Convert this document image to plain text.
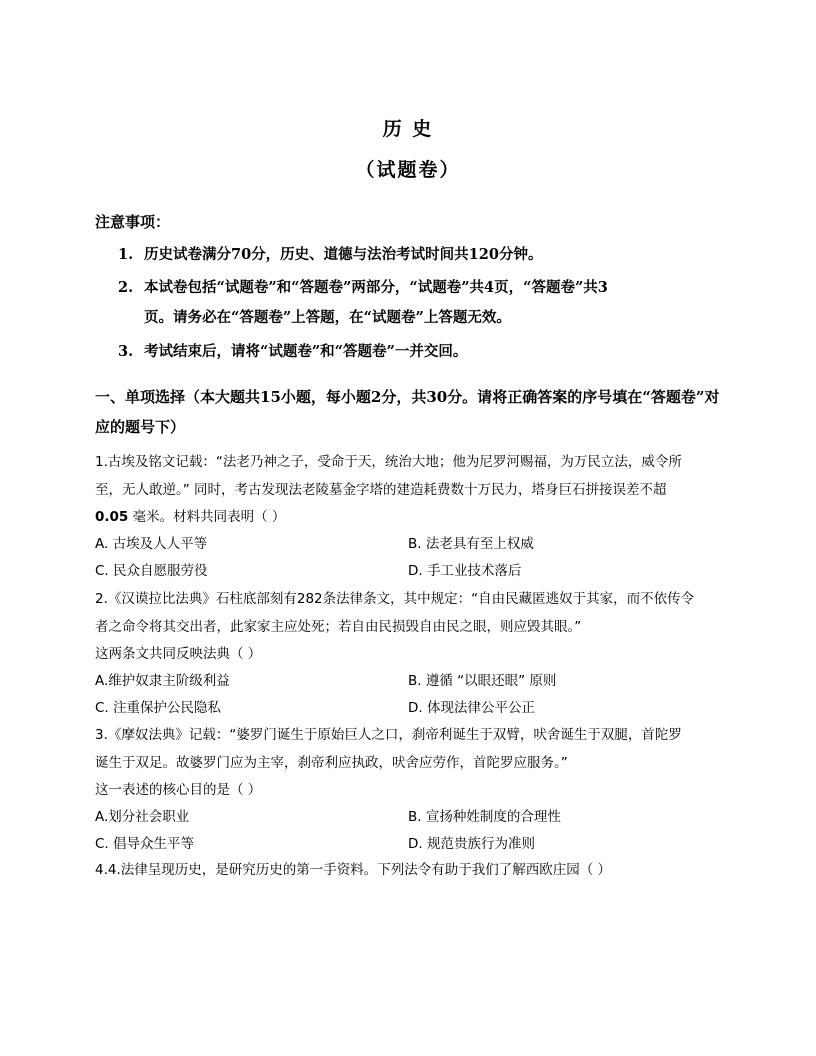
历 史
（试题卷）
注意事项：
1. 历史试卷满分70分，历史、道德与法治考试时间共120分钟。
2. 本试卷包括“试题卷”和“答题卷”两部分，“试题卷”共4页，“答题卷”共3
页。请务必在“答题卷”上答题，在“试题卷”上答题无效。
3. 考试结束后，请将“试题卷”和“答题卷”一并交回。
一、单项选择（本大题共15小题，每小题2分，共30分。请将正确答案的序号填在“答题卷”对应的题号下）
1.古埃及铭文记载：“法老乃神之子，受命于天，统治大地；他为尼罗河赐福，为万民立法，威令所
至，无人敢逆。” 同时，考古发现法老陵墓金字塔的建造耗费数十万民力，塔身巨石拼接误差不超
0.05 毫米。材料共同表明（ ）
A. 古埃及人人平等	B. 法老具有至上权威
C. 民众自愿服劳役	D. 手工业技术落后
2.《汉谟拉比法典》石柱底部刻有282条法律条文，其中规定：“自由民藏匿逃奴于其家，而不依传令
者之命令将其交出者，此家家主应处死；若自由民损毁自由民之眼，则应毁其眼。”
这两条文共同反映法典（ ）
A.维护奴隶主阶级利益	B. 遵循 “以眼还眼” 原则
C. 注重保护公民隐私	D. 体现法律公平公正
3.《摩奴法典》记载：“婆罗门诞生于原始巨人之口，刹帝利诞生于双臂，吠舍诞生于双腿，首陀罗
诞生于双足。故婆罗门应为主宰，刹帝利应执政，吠舍应劳作，首陀罗应服务。”
这一表述的核心目的是（ ）
A.划分社会职业	B. 宣扬种姓制度的合理性
C. 倡导众生平等	D. 规范贵族行为准则
4.4.法律呈现历史，是研究历史的第一手资料。下列法令有助于我们了解西欧庄园（ ）
